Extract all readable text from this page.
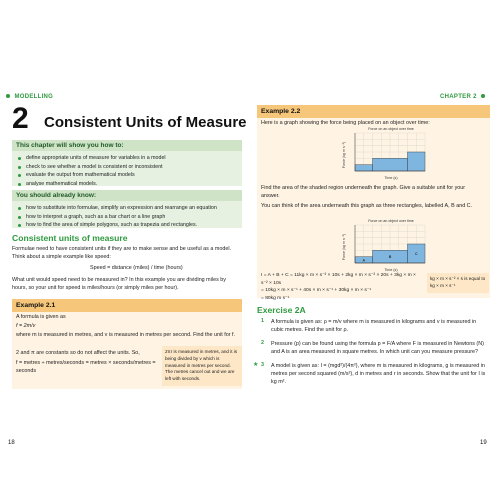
MODELLING
2 Consistent Units of Measure
This chapter will show you how to:
define appropriate units of measure for variables in a model
check to see whether a model is consistent or inconsistent
evaluate the output from mathematical models
analyse mathematical models.
You should already know:
how to substitute into formulae, simplify an expression and rearrange an equation
how to interpret a graph, such as a bar chart or a line graph
how to find the area of simple polygons, such as trapezia and rectangles.
Consistent units of measure
Formulae need to have consistent units if they are to make sense and be useful as a model. Think about a simple example like speed:
Speed = distance (miles) / time (hours)
What unit would speed need to be measured in? In this example you are dividing miles by hours, so your unit for speed is miles/hours (or simply miles per hour).
Example 2.1
A formula is given as
f = 2m/v
where m is measured in metres, and v is measured in metres per second. Find the unit for f.
2 and π are constants so do not affect the units. So,
f = metres ÷ metres/seconds = metres × seconds/metres = seconds
2πr is measured in metres, and it is being divided by v which is measured in metres per second. The metres cancel out and we are left with seconds.
18
CHAPTER 2
Example 2.2
Here is a graph showing the force being placed on an object over time:
Force on an object over time
Time (s)
Force (kg m s⁻²)
Find the area of the shaded region underneath the graph. Give a suitable unit for your answer.
You can think of the area underneath this graph as three rectangles, labelled A, B and C.
A
B
C
Force on an object over time
Time (s)
Force (kg m s⁻²)
I = A + B + C = 11kg × m × s⁻² × 10s + 2kg × m × s⁻² × 20s + 3kg × m × s⁻² × 10s
= 10kg × m × s⁻¹ + 40s × m × s⁻¹ + 30kg × m × s⁻¹
= 80kg m s⁻¹
kg × m × s⁻² × s is equal to kg × m × s⁻¹
Exercise 2A
1 A formula is given as: ρ = m/v where m is measured in kilograms and v is measured in cubic metres. Find the unit for ρ.
2 Pressure (p) can be found using the formula p = F/A where F is measured in Newtons (N) and A is an area measured in square metres. In which unit can you measure pressure?
★ 3 A model is given as: I = (mgd²)/(4π²), where m is measured in kilograms, g is measured in metres per second squared (m/s²), d in metres and r in seconds. Show that the unit for I is kg m².
19
